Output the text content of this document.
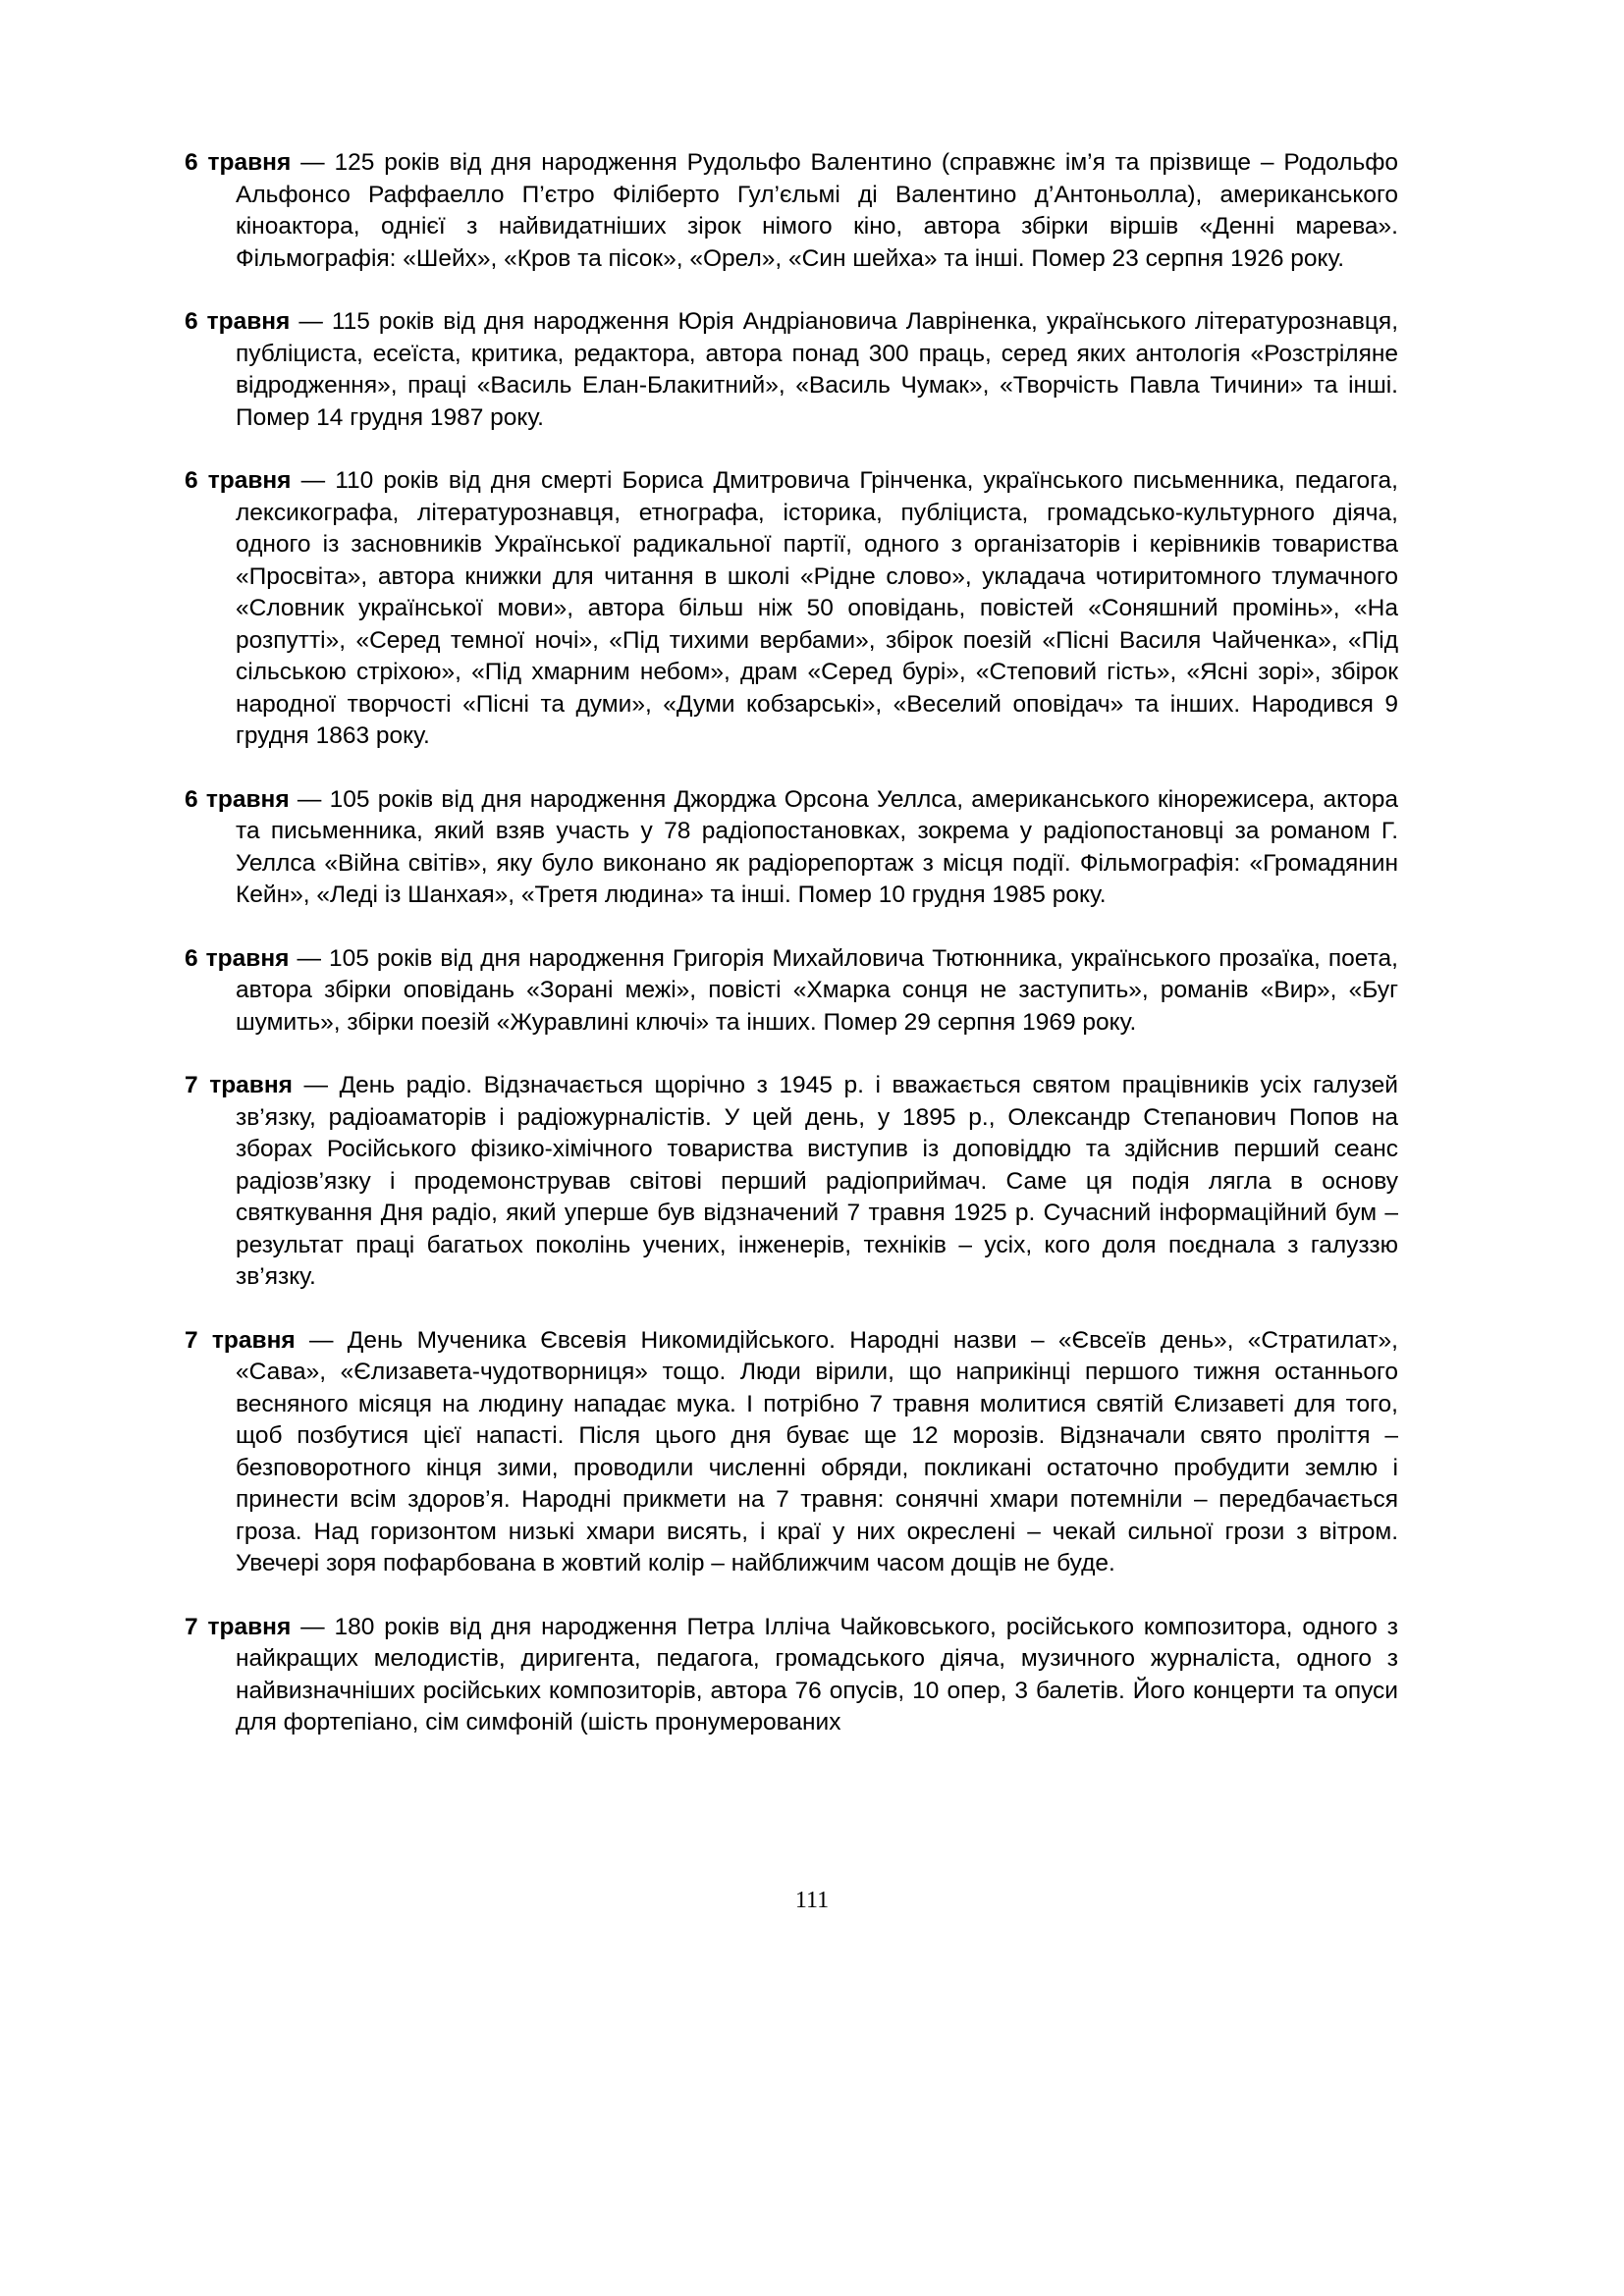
6 травня — 125 років від дня народження Рудольфо Валентино (справжнє ім’я та прізвище – Родольфо Альфонсо Раффаелло П’єтро Філіберто Гул’єльмі ді Валентино д’Антоньолла), американського кіноактора, однієї з найвидатніших зірок німого кіно, автора збірки віршів «Денні марева». Фільмографія: «Шейх», «Кров та пісок», «Орел», «Син шейха» та інші. Помер 23 серпня 1926 року.

6 травня — 115 років від дня народження Юрія Андріановича Лавріненка, українського літературознавця, публіциста, есеїста, критика, редактора, автора понад 300 праць, серед яких антологія «Розстріляне відродження», праці «Василь Елан-Блакитний», «Василь Чумак», «Творчість Павла Тичини» та інші. Помер 14 грудня 1987 року.

6 травня — 110 років від дня смерті Бориса Дмитровича Грінченка, українського письменника, педагога, лексикографа, літературознавця, етнографа, історика, публіциста, громадсько-культурного діяча, одного із засновників Української радикальної партії, одного з організаторів і керівників товариства «Просвіта», автора книжки для читання в школі «Рідне слово», укладача чотиритомного тлумачного «Словник української мови», автора більш ніж 50 оповідань, повістей «Соняшний промінь», «На розпутті», «Серед темної ночі», «Під тихими вербами», збірок поезій «Пісні Василя Чайченка», «Під сільською стріхою», «Під хмарним небом», драм «Серед бурі», «Степовий гість», «Ясні зорі», збірок народної творчості «Пісні та думи», «Думи кобзарські», «Веселий оповідач» та інших. Народився 9 грудня 1863 року.

6 травня — 105 років від дня народження Джорджа Орсона Уеллса, американського кінорежисера, актора та письменника, який взяв участь у 78 радіопостановках, зокрема у радіопостановці за романом Г. Уеллса «Війна світів», яку було виконано як радіорепортаж з місця події. Фільмографія: «Громадянин Кейн», «Леді із Шанхая», «Третя людина» та інші. Помер 10 грудня 1985 року.

6 травня — 105 років від дня народження Григорія Михайловича Тютюнника, українського прозаїка, поета, автора збірки оповідань «Зорані межі», повісті «Хмарка сонця не заступить», романів «Вир», «Буг шумить», збірки поезій «Журавлині ключі» та інших. Помер 29 серпня 1969 року.

7 травня — День радіо. Відзначається щорічно з 1945 р. і вважається святом працівників усіх галузей зв’язку, радіоаматорів і радіожурналістів. У цей день, у 1895 р., Олександр Степанович Попов на зборах Російського фізико-хімічного товариства виступив із доповіддю та здійснив перший сеанс радіозв’язку і продемонстрував світові перший радіоприймач. Саме ця подія лягла в основу святкування Дня радіо, який уперше був відзначений 7 травня 1925 р. Сучасний інформаційний бум – результат праці багатьох поколінь учених, інженерів, техніків – усіх, кого доля поєднала з галуззю зв’язку.

7 травня — День Мученика Євсевія Никомидійського. Народні назви – «Євсеїв день», «Стратилат», «Сава», «Єлизавета-чудотворниця» тощо. Люди вірили, що наприкінці першого тижня останнього весняного місяця на людину нападає мука. І потрібно 7 травня молитися святій Єлизаветі для того, щоб позбутися цієї напасті. Після цього дня буває ще 12 морозів. Відзначали свято проліття – безповоротного кінця зими, проводили численні обряди, покликані остаточно пробудити землю і принести всім здоров’я. Народні прикмети на 7 травня: сонячні хмари потемніли – передбачається гроза. Над горизонтом низькі хмари висять, і краї у них окреслені – чекай сильної грози з вітром. Увечері зоря пофарбована в жовтий колір – найближчим часом дощів не буде.

7 травня — 180 років від дня народження Петра Ілліча Чайковського, російського композитора, одного з найкращих мелодистів, диригента, педагога, громадського діяча, музичного журналіста, одного з найвизначніших російських композиторів, автора 76 опусів, 10 опер, 3 балетів. Його концерти та опуси для фортепіано, сім симфоній (шість пронумерованих

111
